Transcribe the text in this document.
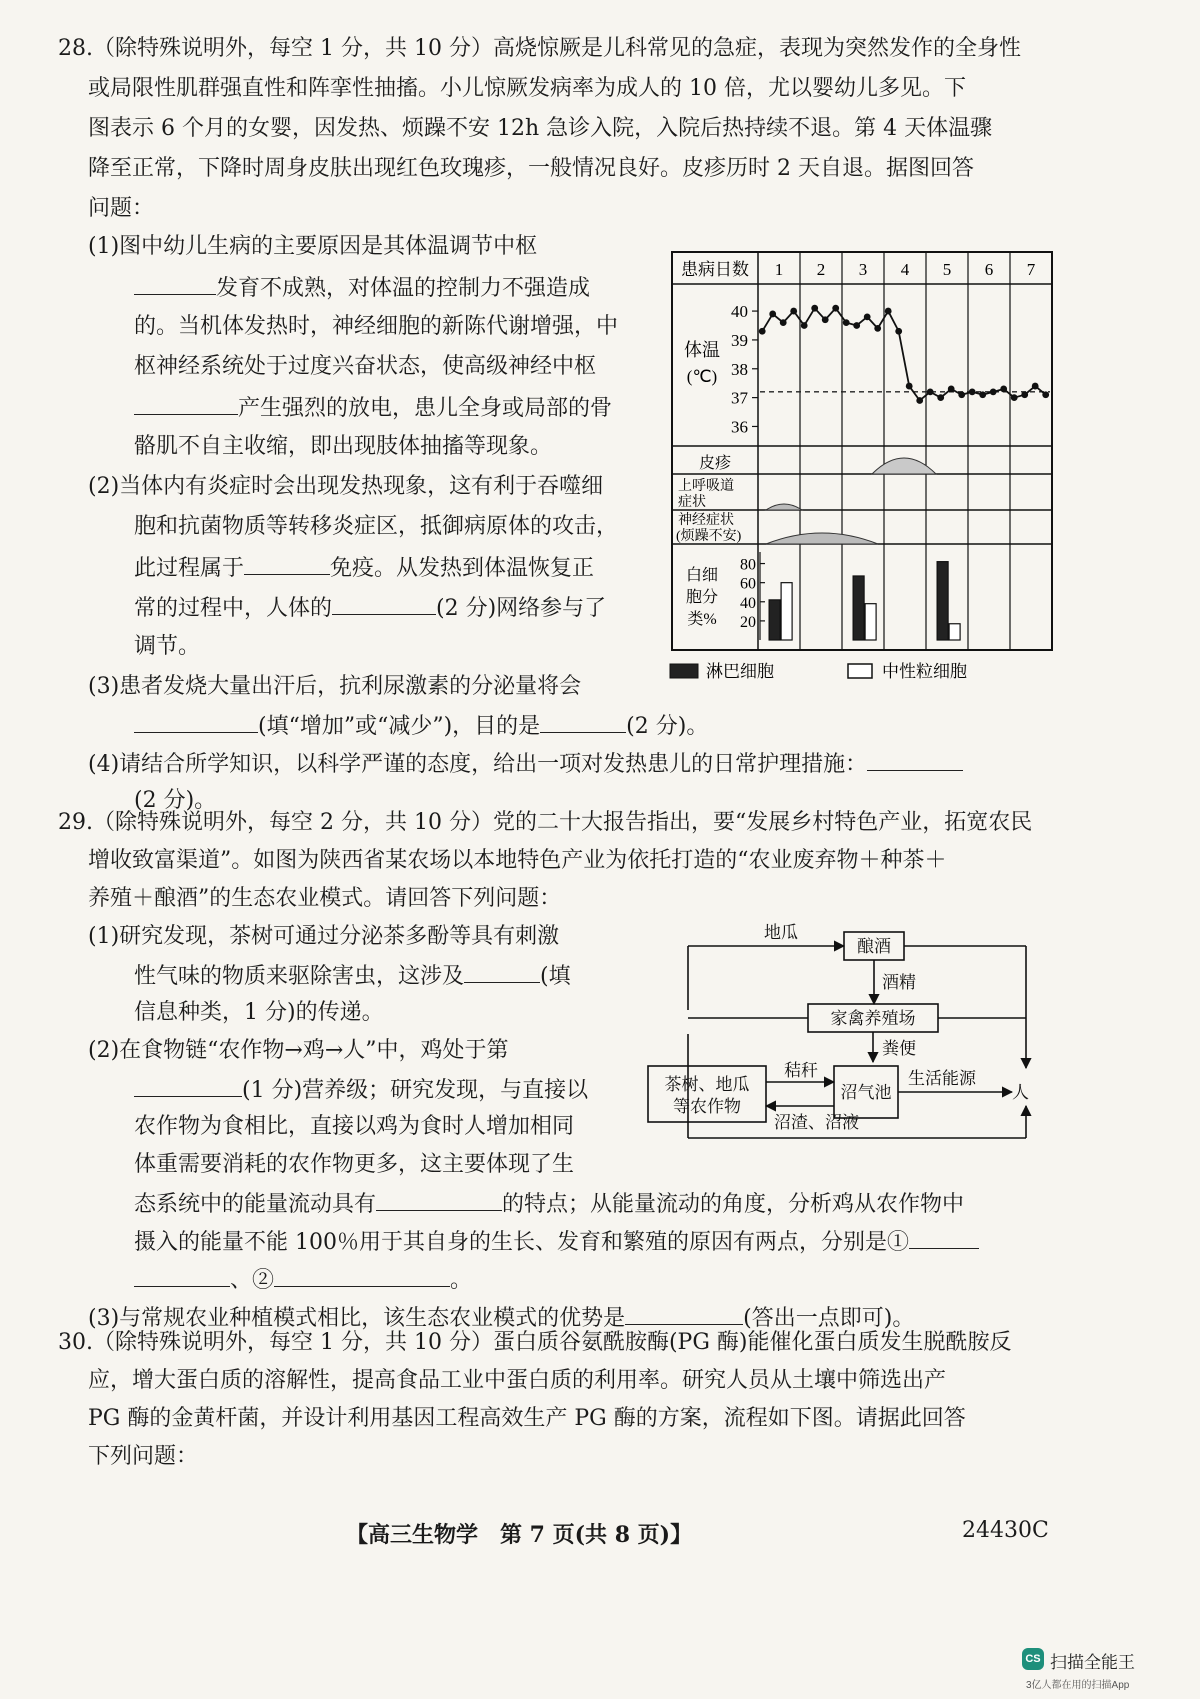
28.（除特殊说明外，每空 1 分，共 10 分）高烧惊厥是儿科常见的急症，表现为突然发作的全身性
或局限性肌群强直性和阵挛性抽搐。小儿惊厥发病率为成人的 10 倍，尤以婴幼儿多见。下
图表示 6 个月的女婴，因发热、烦躁不安 12h 急诊入院，入院后热持续不退。第 4 天体温骤
降至正常，下降时周身皮肤出现红色玫瑰疹，一般情况良好。皮疹历时 2 天自退。据图回答
问题：
(1)图中幼儿生病的主要原因是其体温调节中枢
发育不成熟，对体温的控制力不强造成
的。当机体发热时，神经细胞的新陈代谢增强，中
枢神经系统处于过度兴奋状态，使高级神经中枢
产生强烈的放电，患儿全身或局部的骨
骼肌不自主收缩，即出现肢体抽搐等现象。
(2)当体内有炎症时会出现发热现象，这有利于吞噬细
胞和抗菌物质等转移炎症区，抵御病原体的攻击，
此过程属于	免疫。从发热到体温恢复正
常的过程中，人体的	(2 分)网络参与了
调节。
(3)患者发烧大量出汗后，抗利尿激素的分泌量将会
(填“增加”或“减少”)，目的是	(2 分)。
(4)请结合所学知识，以科学严谨的态度，给出一项对发热患儿的日常护理措施：
(2 分)。
患病日数 1 2 3 4 5 6 7
体温
(℃)
40
39
38
37
36
皮疹
上呼吸道
症状
神经症状
(烦躁不安)
白细
胞分
类%
80
60
40
20
淋巴细胞	中性粒细胞
29.（除特殊说明外，每空 2 分，共 10 分）党的二十大报告指出，要“发展乡村特色产业，拓宽农民
增收致富渠道”。如图为陕西省某农场以本地特色产业为依托打造的“农业废弃物＋种茶＋
养殖＋酿酒”的生态农业模式。请回答下列问题：
(1)研究发现，茶树可通过分泌茶多酚等具有刺激
性气味的物质来驱除害虫，这涉及	(填
信息种类，1 分)的传递。
(2)在食物链“农作物→鸡→人”中，鸡处于第
(1 分)营养级；研究发现，与直接以
农作物为食相比，直接以鸡为食时人增加相同
体重需要消耗的农作物更多，这主要体现了生
态系统中的能量流动具有	的特点；从能量流动的角度，分析鸡从农作物中
摄入的能量不能 100％用于其自身的生长、发育和繁殖的原因有两点，分别是①
、②	。
(3)与常规农业种植模式相比，该生态农业模式的优势是	(答出一点即可)。
地瓜
酿酒
酒精
家禽养殖场
粪便
茶树、地瓜
等农作物
秸秆
沼渣、沼液
沼气池
生活能源
人
30.（除特殊说明外，每空 1 分，共 10 分）蛋白质谷氨酰胺酶(PG 酶)能催化蛋白质发生脱酰胺反
应，增大蛋白质的溶解性，提高食品工业中蛋白质的利用率。研究人员从土壤中筛选出产
PG 酶的金黄杆菌，并设计利用基因工程高效生产 PG 酶的方案，流程如下图。请据此回答
下列问题：
【高三生物学　第 7 页(共 8 页)】	24430C
CS 扫描全能王
3亿人都在用的扫描App
